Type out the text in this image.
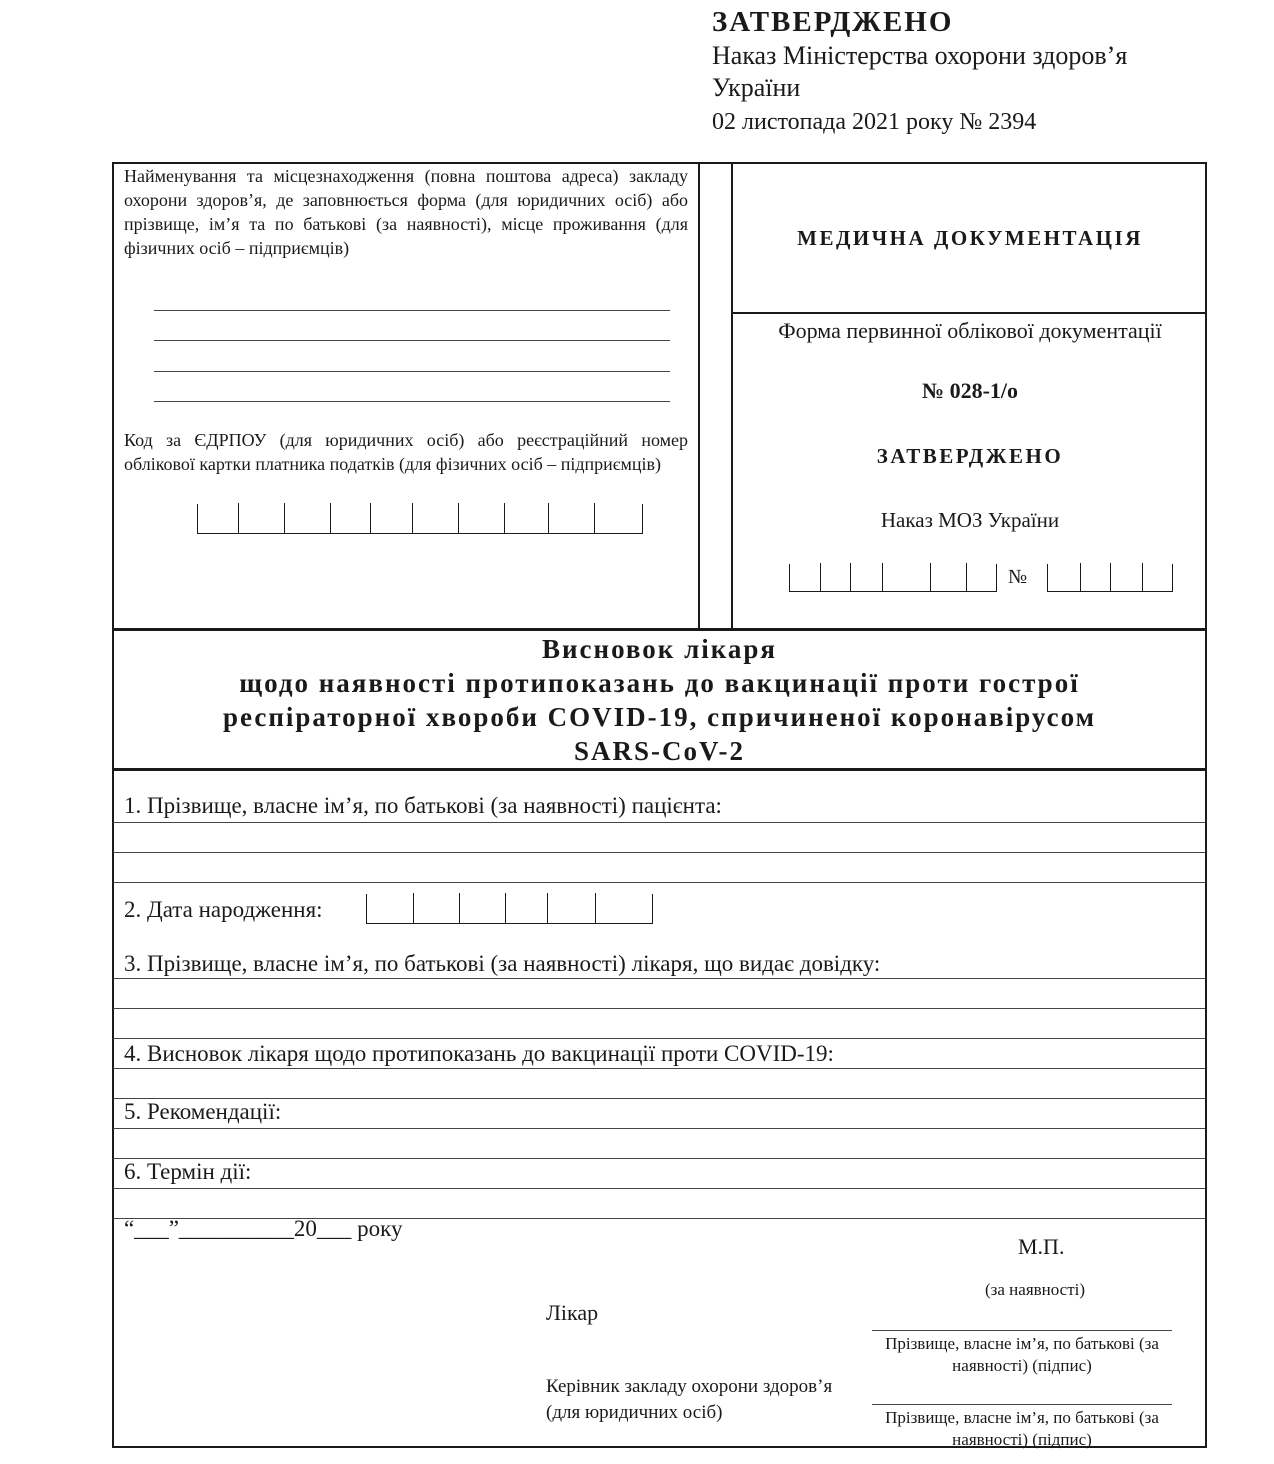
ЗАТВЕРДЖЕНО
Наказ Міністерства охорони здоров’я
України
02 листопада 2021 року № 2394
Найменування та місцезнаходження (повна поштова адреса) закладу охорони здоров’я, де заповнюється форма (для юридичних осіб) або прізвище, ім’я та по батькові (за наявності), місце проживання (для фізичних осіб – підприємців)
Код за ЄДРПОУ (для юридичних осіб) або реєстраційний номер облікової картки платника податків (для фізичних осіб – підприємців)
МЕДИЧНА ДОКУМЕНТАЦІЯ
Форма первинної облікової документації
№ 028-1/о
ЗАТВЕРДЖЕНО
Наказ МОЗ України
№
Висновок лікаря
щодо наявності протипоказань до вакцинації проти гострої
респіраторної хвороби COVID-19, спричиненої коронавірусом
SARS-CoV-2
1. Прізвище, власне ім’я, по батькові (за наявності) пацієнта:
2. Дата народження:
3. Прізвище, власне ім’я, по батькові (за наявності) лікаря, що видає довідку:
4. Висновок лікаря щодо протипоказань до вакцинації проти COVID-19:
5. Рекомендації:
6. Термін дії:
“___”__________20___ року
М.П.
(за наявності)
Лікар
Керівник закладу охорони здоров’я (для юридичних осіб)
Прізвище, власне ім’я, по батькові (за наявності) (підпис)
Прізвище, власне ім’я, по батькові (за наявності) (підпис)
